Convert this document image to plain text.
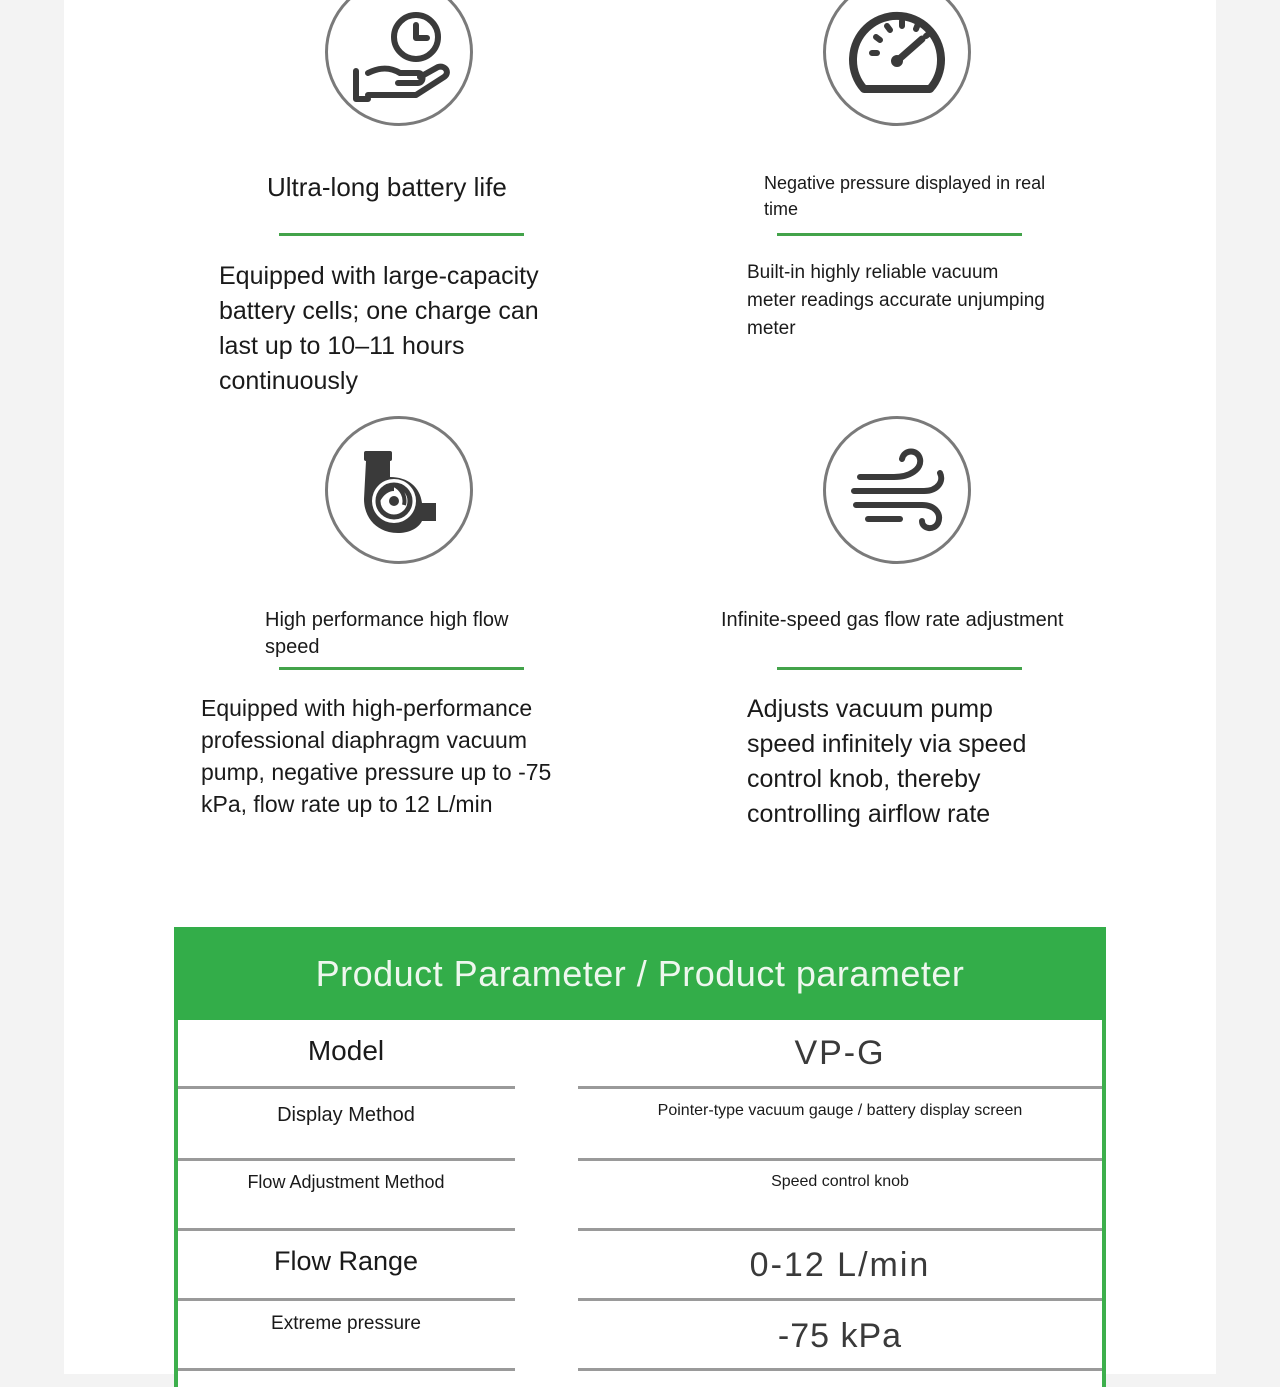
Ultra-long battery life
Equipped with large-capacity battery cells; one charge can last up to 10–11 hours continuously
Negative pressure displayed in real time
Built-in highly reliable vacuum meter readings accurate unjumping meter
High performance high flow speed
Equipped with high-performance professional diaphragm vacuum pump, negative pressure up to -75 kPa, flow rate up to 12 L/min
Infinite-speed gas flow rate adjustment
Adjusts vacuum pump speed infinitely via speed control knob, thereby controlling airflow rate
Product Parameter / Product parameter
Model	VP-G
Display Method	Pointer-type vacuum gauge / battery display screen
Flow Adjustment Method	Speed control knob
Flow Range	0-12 L/min
Extreme pressure	-75 kPa
